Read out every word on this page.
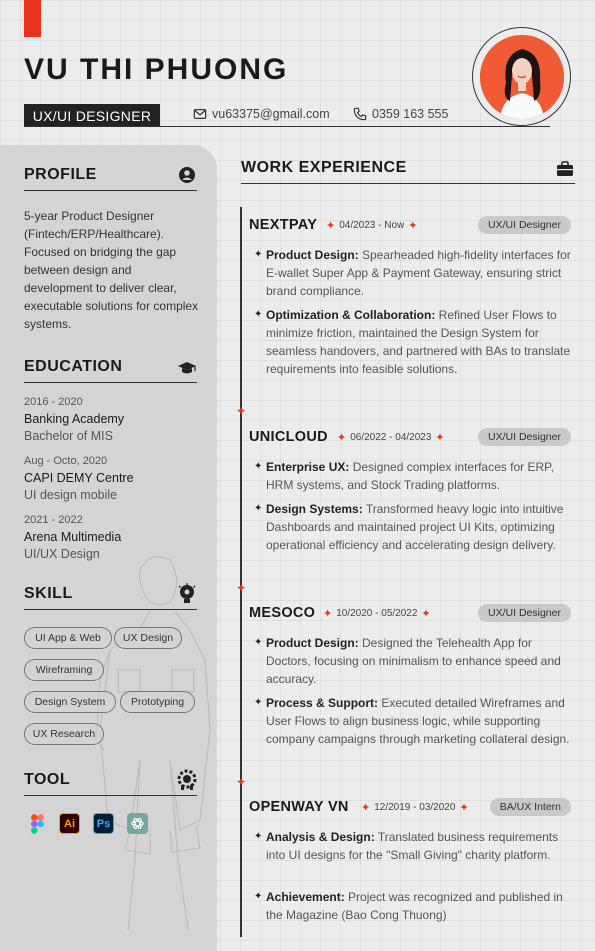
VU THI PHUONG
UX/UI DESIGNER	vu63375@gmail.com	0359 163 555
PROFILE
5-year Product Designer (Fintech/ERP/Healthcare). Focused on bridging the gap between design and development to deliver clear, executable solutions for complex systems.
EDUCATION
2016 - 2020
Banking Academy
Bachelor of MIS
Aug - Octo, 2020
CAPI DEMY Centre
UI design mobile
2021 - 2022
Arena Multimedia
UI/UX Design
SKILL
UI App & Web	UX Design
Wireframing
Design System	Prototyping
UX Research
TOOL
Ai	Ps
WORK EXPERIENCE
✦
✦
✦
NEXTPAY ✦ 04/2023 - Now ✦	UX/UI Designer
✦ Product Design: Spearheaded high-fidelity interfaces for E-wallet Super App & Payment Gateway, ensuring strict brand compliance.
✦ Optimization & Collaboration: Refined User Flows to minimize friction, maintained the Design System for seamless handovers, and partnered with BAs to translate requirements into feasible solutions.
UNICLOUD ✦ 06/2022 - 04/2023 ✦	UX/UI Designer
✦ Enterprise UX: Designed complex interfaces for ERP, HRM systems, and Stock Trading platforms.
✦ Design Systems: Transformed heavy logic into intuitive Dashboards and maintained project UI Kits, optimizing operational efficiency and accelerating design delivery.
MESOCO ✦ 10/2020 - 05/2022 ✦	UX/UI Designer
✦ Product Design: Designed the Telehealth App for Doctors, focusing on minimalism to enhance speed and accuracy.
✦ Process & Support: Executed detailed Wireframes and User Flows to align business logic, while supporting company campaigns through marketing collateral design.
OPENWAY VN ✦ 12/2019 - 03/2020 ✦	BA/UX Intern
✦ Analysis & Design: Translated business requirements into UI designs for the "Small Giving" charity platform.
✦ Achievement: Project was recognized and published in the Magazine (Bao Cong Thuong)
